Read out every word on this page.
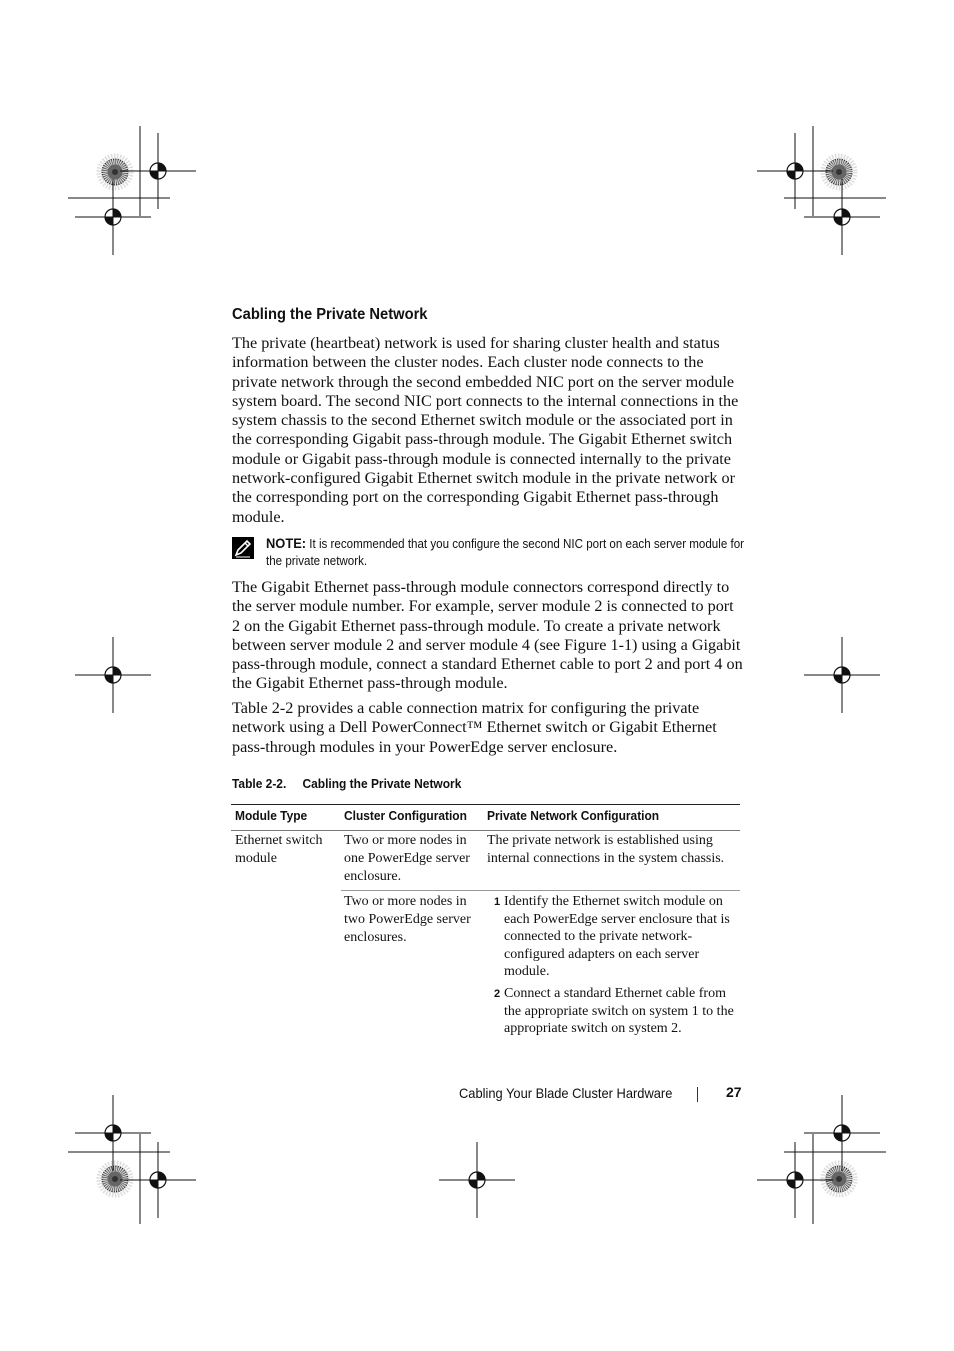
Cabling the Private Network
The private (heartbeat) network is used for sharing cluster health and status information between the cluster nodes. Each cluster node connects to the private network through the second embedded NIC port on the server module system board. The second NIC port connects to the internal connections in the system chassis to the second Ethernet switch module or the associated port in the corresponding Gigabit pass-through module. The Gigabit Ethernet switch module or Gigabit pass-through module is connected internally to the private network-configured Gigabit Ethernet switch module in the private network or the corresponding port on the corresponding Gigabit Ethernet pass-through module.
NOTE: It is recommended that you configure the second NIC port on each server module for the private network.
The Gigabit Ethernet pass-through module connectors correspond directly to the server module number. For example, server module 2 is connected to port 2 on the Gigabit Ethernet pass-through module. To create a private network between server module 2 and server module 4 (see Figure 1-1) using a Gigabit pass-through module, connect a standard Ethernet cable to port 2 and port 4 on the Gigabit Ethernet pass-through module.
Table 2-2 provides a cable connection matrix for configuring the private network using a Dell PowerConnect™ Ethernet switch or Gigabit Ethernet pass-through modules in your PowerEdge server enclosure.
Table 2-2. Cabling the Private Network
Module Type	Cluster Configuration Private Network Configuration
Ethernet switch module
Two or more nodes in one PowerEdge server enclosure.
The private network is established using internal connections in the system chassis.
Two or more nodes in two PowerEdge server enclosures.
1 Identify the Ethernet switch module on each PowerEdge server enclosure that is connected to the private network-configured adapters on each server module.
2 Connect a standard Ethernet cable from the appropriate switch on system 1 to the appropriate switch on system 2.
Cabling Your Blade Cluster Hardware	27
